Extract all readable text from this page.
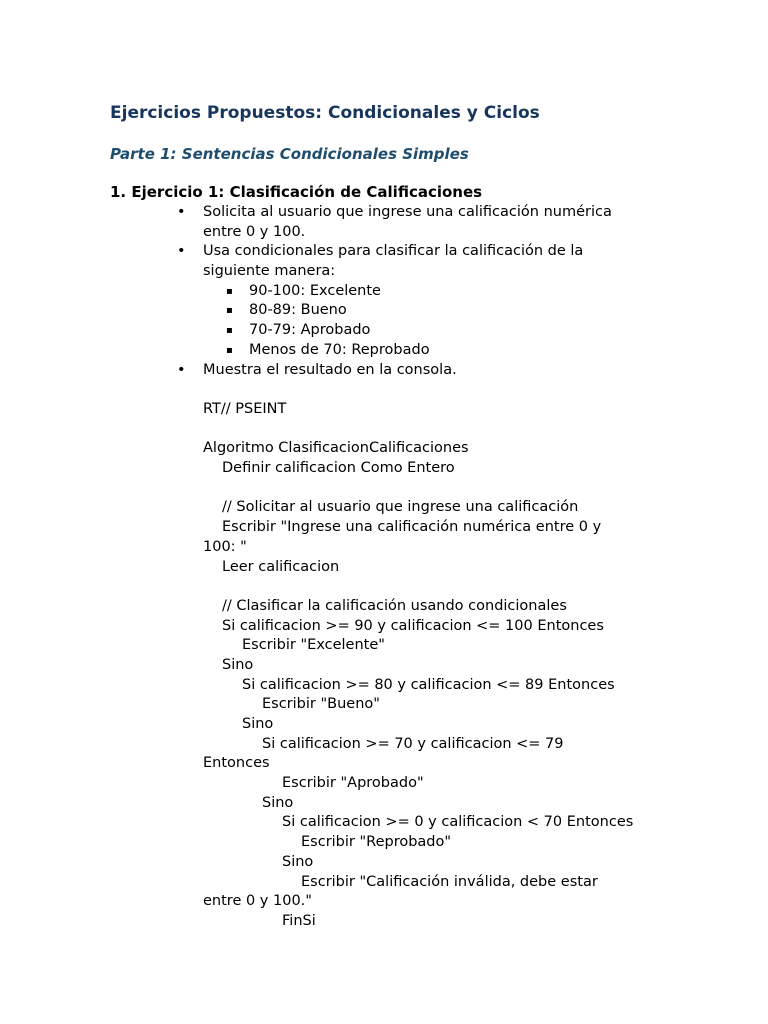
Ejercicios Propuestos: Condicionales y Ciclos
Parte 1: Sentencias Condicionales Simples
1. Ejercicio 1: Clasificación de Calificaciones
• Solicita al usuario que ingrese una calificación numérica
entre 0 y 100.
• Usa condicionales para clasificar la calificación de la
siguiente manera:
▪ 90-100: Excelente
▪ 80-89: Bueno
▪ 70-79: Aprobado
▪ Menos de 70: Reprobado
• Muestra el resultado en la consola.
RT// PSEINT
Algoritmo ClasificacionCalificaciones
Definir calificacion Como Entero
// Solicitar al usuario que ingrese una calificación
Escribir "Ingrese una calificación numérica entre 0 y
100: "
Leer calificacion
// Clasificar la calificación usando condicionales
Si calificacion >= 90 y calificacion <= 100 Entonces
Escribir "Excelente"
Sino
Si calificacion >= 80 y calificacion <= 89 Entonces
Escribir "Bueno"
Sino
Si calificacion >= 70 y calificacion <= 79
Entonces
Escribir "Aprobado"
Sino
Si calificacion >= 0 y calificacion < 70 Entonces
Escribir "Reprobado"
Sino
Escribir "Calificación inválida, debe estar
entre 0 y 100."
FinSi
